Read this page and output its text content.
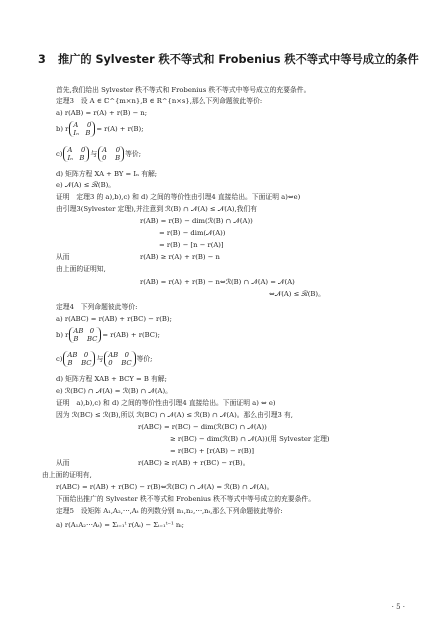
3 推广的 Sylvester 秩不等式和 Frobenius 秩不等式中等号成立的条件
首先,我们给出 Sylvester 秩不等式和 Frobenius 秩不等式中等号成立的充要条件。
定理3　设 A ∈ ℂ^{m×n},B ∈ R^{n×s},那么下列命题彼此等价:
a) r(AB) = r(A) + r(B) − n;
b) r A    0
Iₙ   B = r(A) + r(B);
c) A    0
Iₙ   B 与 A    0
0    B 等价;
d) 矩阵方程 XA + BY = Iₙ 有解;
e) 𝒩(A) ≤ ℛ(B)。
证明　定理3 的 a),b),c) 和 d) 之间的等价性由引理4 直接给出。下面证明 a)⇔e)
由引理3(Sylvester 定理),并注意到 ℛ(B) ∩ 𝒩(A) ≤ 𝒩(A),我们有
r(AB) = r(B) − dim(ℛ(B) ∩ 𝒩(A))
= r(B) − dim(𝒩(A))
= r(B) − [n − r(A)]
从而	r(AB) ≥ r(A) + r(B) − n
由上面的证明知,
r(AB) = r(A) + r(B) − n⇔ℛ(B) ∩ 𝒩(A) = 𝒩(A)
⇔𝒩(A) ≤ ℛ(B)。
定理4　下列命题彼此等价:
a) r(ABC) = r(AB) + r(BC) − r(B);
b) r AB   0
B    BC = r(AB) + r(BC);
c) AB   0
B    BC 与 AB   0
0    BC 等价;
d) 矩阵方程 XAB + BCY = B 有解;
e) ℛ(BC) ∩ 𝒩(A) = ℛ(B) ∩ 𝒩(A)。
证明　a),b),c) 和 d) 之间的等价性由引理4 直接给出。下面证明 a) ⇔ e)
因为 ℛ(BC) ≤ ℛ(B),所以 ℛ(BC) ∩ 𝒩(A) ≤ ℛ(B) ∩ 𝒩(A)。那么由引理3 有,
r(ABC) = r(BC) − dim(ℛ(BC) ∩ 𝒩(A))
≥ r(BC) − dim(ℛ(B) ∩ 𝒩(A))(用 Sylvester 定理)
= r(BC) + [r(AB) − r(B)]
从而	r(ABC) ≥ r(AB) + r(BC) − r(B)。
由上面的证明有,
r(ABC) = r(AB) + r(BC) − r(B)⇔ℛ(BC) ∩ 𝒩(A) = ℛ(B) ∩ 𝒩(A)。
下面给出推广的 Sylvester 秩不等式和 Frobenius 秩不等式中等号成立的充要条件。
定理5　设矩阵 A₁,A₂,⋯,Aₜ 的列数分别 n₁,n₂,⋯,nₜ,那么下列命题彼此等价:
a) r(A₁A₂⋯Aₜ) = Σᵢ₌₁ᵗ r(Aᵢ) − Σᵢ₌₁ᵗ⁻¹ nᵢ;
· 5 ·
